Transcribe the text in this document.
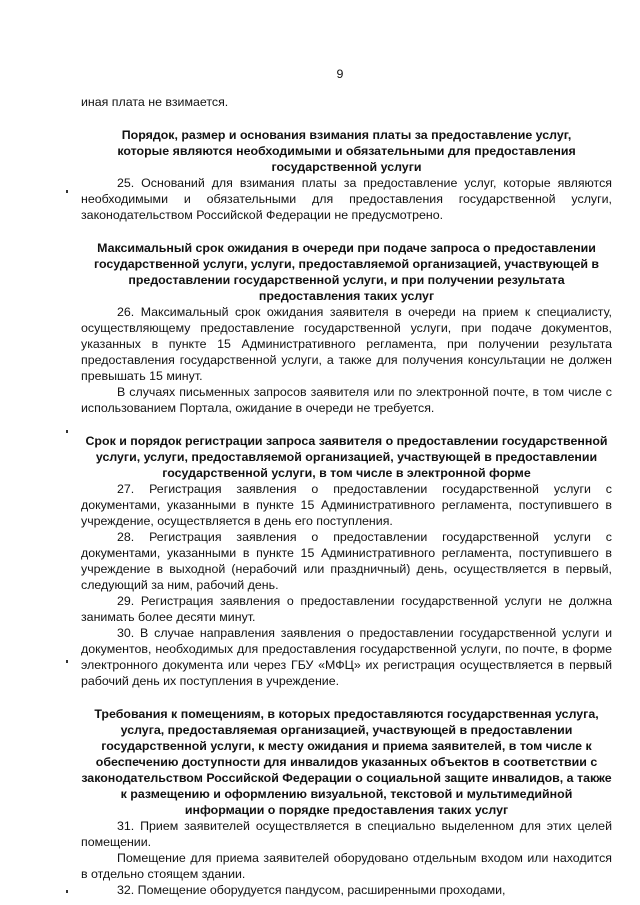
9

иная плата не взимается.

Порядок, размер и основания взимания платы за предоставление услуг, которые являются необходимыми и обязательными для предоставления государственной услуги

25. Оснований для взимания платы за предоставление услуг, которые являются необходимыми и обязательными для предоставления государственной услуги, законодательством Российской Федерации не предусмотрено.

Максимальный срок ожидания в очереди при подаче запроса о предоставлении государственной услуги, услуги, предоставляемой организацией, участвующей в предоставлении государственной услуги, и при получении результата предоставления таких услуг

26. Максимальный срок ожидания заявителя в очереди на прием к специалисту, осуществляющему предоставление государственной услуги, при подаче документов, указанных в пункте 15 Административного регламента, при получении результата предоставления государственной услуги, а также для получения консультации не должен превышать 15 минут.

В случаях письменных запросов заявителя или по электронной почте, в том числе с использованием Портала, ожидание в очереди не требуется.

Срок и порядок регистрации запроса заявителя о предоставлении государственной услуги, услуги, предоставляемой организацией, участвующей в предоставлении государственной услуги, в том числе в электронной форме

27. Регистрация заявления о предоставлении государственной услуги с документами, указанными в пункте 15 Административного регламента, поступившего в учреждение, осуществляется в день его поступления.

28. Регистрация заявления о предоставлении государственной услуги с документами, указанными в пункте 15 Административного регламента, поступившего в учреждение в выходной (нерабочий или праздничный) день, осуществляется в первый, следующий за ним, рабочий день.

29. Регистрация заявления о предоставлении государственной услуги не должна занимать более десяти минут.

30. В случае направления заявления о предоставлении государственной услуги и документов, необходимых для предоставления государственной услуги, по почте, в форме электронного документа или через ГБУ «МФЦ» их регистрация осуществляется в первый рабочий день их поступления в учреждение.

Требования к помещениям, в которых предоставляются государственная услуга, услуга, предоставляемая организацией, участвующей в предоставлении государственной услуги, к месту ожидания и приема заявителей, в том числе к обеспечению доступности для инвалидов указанных объектов в соответствии с законодательством Российской Федерации о социальной защите инвалидов, а также к размещению и оформлению визуальной, текстовой и мультимедийной информации о порядке предоставления таких услуг

31. Прием заявителей осуществляется в специально выделенном для этих целей помещении.

Помещение для приема заявителей оборудовано отдельным входом или находится в отдельно стоящем здании.

32. Помещение оборудуется пандусом, расширенными проходами,
